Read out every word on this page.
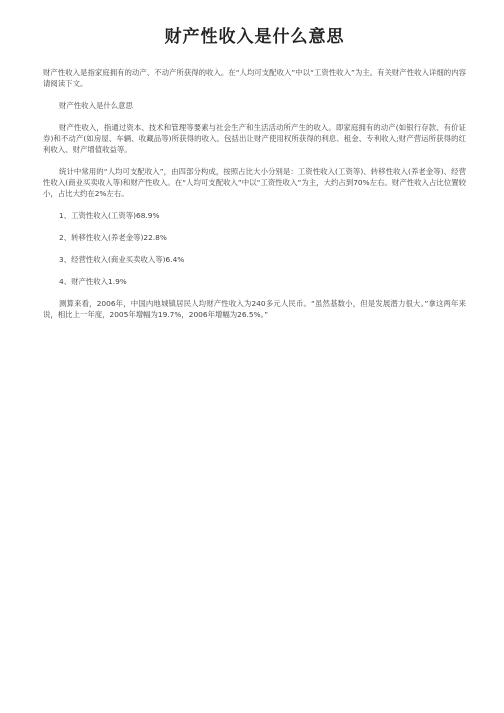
财产性收入是什么意思

财产性收入是指家庭拥有的动产、不动产所获得的收入。在“人均可支配收入”中以“工资性收入”为主。有关财产性收入详细的内容请阅读下文。

财产性收入是什么意思

财产性收入，指通过资本、技术和管理等要素与社会生产和生活活动所产生的收入。即家庭拥有的动产(如银行存款、有价证券)和不动产(如房屋、车辆、收藏品等)所获得的收入。包括出让财产使用权所获得的利息、租金、专利收入;财产营运所获得的红利收入、财产增值收益等。

统计中常用的“人均可支配收入”，由四部分构成，按照占比大小分别是：工资性收入(工资等)、转移性收入(养老金等)、经营性收入(商业买卖收入等)和财产性收入。在“人均可支配收入”中以“工资性收入”为主，大约占到70%左右。财产性收入占比位置较小，占比大约在2%左右。

1、工资性收入(工资等)68.9%

2、转移性收入(养老金等)22.8%

3、经营性收入(商业买卖收入等)6.4%

4、财产性收入1.9%

测算来看，2006年，中国内地城镇居民人均财产性收入为240多元人民币。“虽然基数小，但是发展潜力很大。”拿这两年来说，相比上一年度，2005年增幅为19.7%，2006年增幅为26.5%。”
